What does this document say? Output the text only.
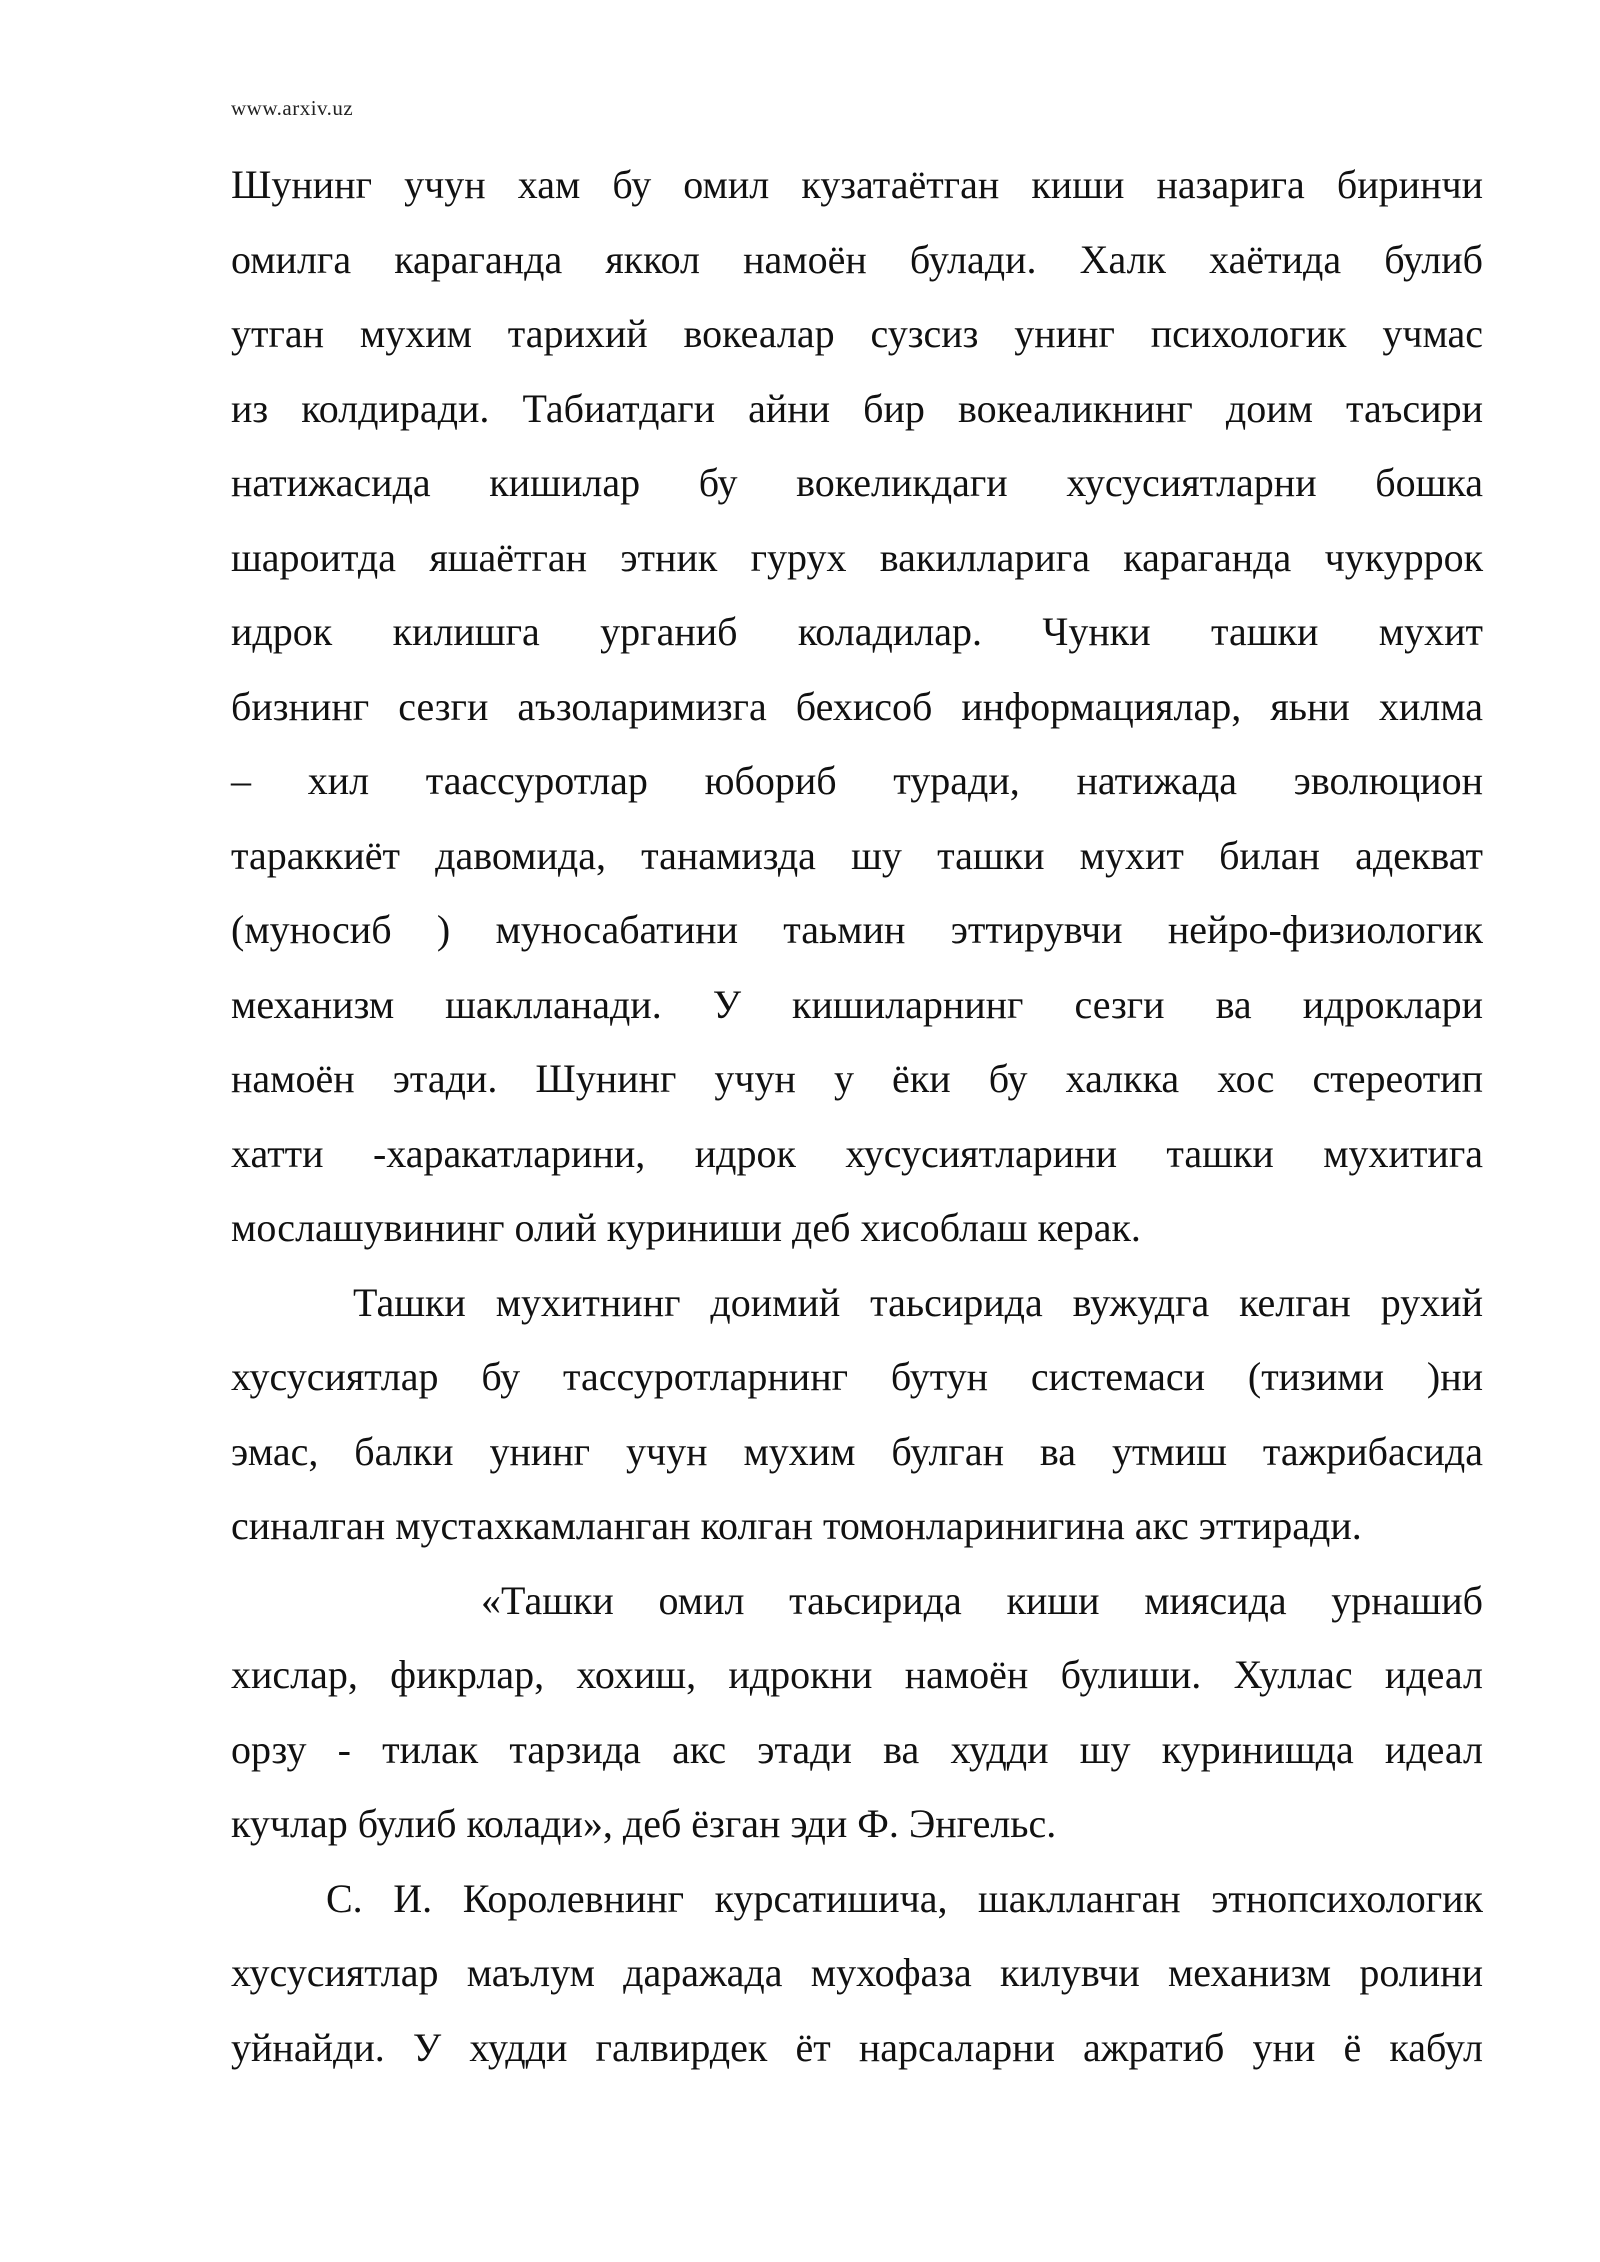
www.arxiv.uz
Шунинг учун хам бу омил кузатаётган киши назарига биринчи
омилга караганда яккол намоён булади. Халк хаётида булиб
утган мухим тарихий вокеалар сузсиз унинг психологик учмас
из колдиради. Табиатдаги айни бир вокеаликнинг доим таъсири
натижасида кишилар бу вокеликдаги хусусиятларни бошка
шароитда яшаётган этник гурух вакилларига караганда чукуррок
идрок килишга урганиб коладилар. Чунки ташки мухит
бизнинг сезги аъзоларимизга бехисоб информациялар, яьни хилма
– хил таассуротлар юбориб туради, натижада эволюцион
тараккиёт давомида, танамизда шу ташки мухит билан адекват
(муносиб ) муносабатини таьмин эттирувчи нейро-физиологик
механизм шаклланади. У кишиларнинг сезги ва идроклари
намоён этади. Шунинг учун у ёки бу халкка хос стереотип
хатти -харакатларини, идрок хусусиятларини ташки мухитига
мослашувининг олий куриниши деб хисоблаш керак.
Ташки мухитнинг доимий таьсирида вужудга келган рухий
хусусиятлар бу тассуротларнинг бутун системаси (тизими )ни
эмас, балки унинг учун мухим булган ва утмиш тажрибасида
синалган мустахкамланган колган томонларинигина акс эттиради.
«Ташки омил таьсирида киши миясида урнашиб
хислар, фикрлар, хохиш, идрокни намоён булиши. Хуллас идеал
орзу - тилак тарзида акс этади ва худди шу куринишда идеал
кучлар булиб колади», деб ёзган эди Ф. Энгельс.
С. И. Королевнинг курсатишича, шаклланган этнопсихологик
хусусиятлар маълум даражада мухофаза килувчи механизм ролини
уйнайди. У худди галвирдек ёт нарсаларни ажратиб уни ё кабул
